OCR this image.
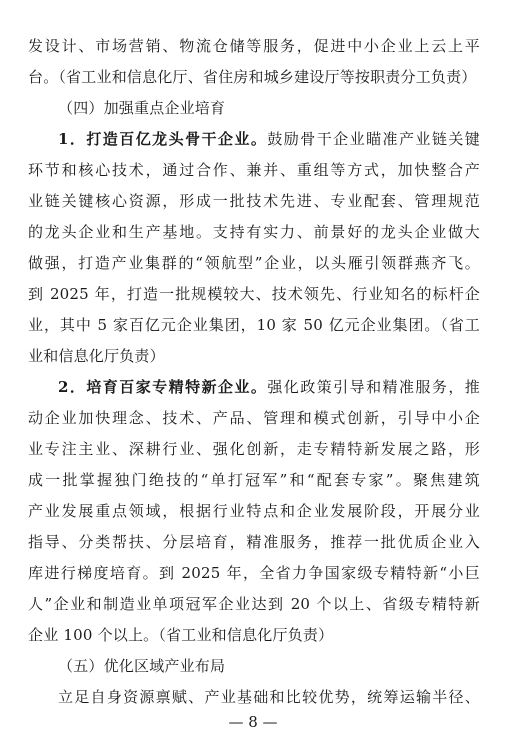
发设计、市场营销、物流仓储等服务，促进中小企业上云上平
台。（省工业和信息化厅、省住房和城乡建设厅等按职责分工负责）
（四）加强重点企业培育
1．打造百亿龙头骨干企业。鼓励骨干企业瞄准产业链关键
环节和核心技术，通过合作、兼并、重组等方式，加快整合产
业链关键核心资源，形成一批技术先进、专业配套、管理规范
的龙头企业和生产基地。支持有实力、前景好的龙头企业做大
做强，打造产业集群的“领航型”企业，以头雁引领群燕齐飞。
到 2025 年，打造一批规模较大、技术领先、行业知名的标杆企
业，其中 5 家百亿元企业集团，10 家 50 亿元企业集团。（省工
业和信息化厅负责）
2．培育百家专精特新企业。强化政策引导和精准服务，推
动企业加快理念、技术、产品、管理和模式创新，引导中小企
业专注主业、深耕行业、强化创新，走专精特新发展之路，形
成一批掌握独门绝技的“单打冠军”和“配套专家”。聚焦建筑
产业发展重点领域，根据行业特点和企业发展阶段，开展分业
指导、分类帮扶、分层培育，精准服务，推荐一批优质企业入
库进行梯度培育。到 2025 年，全省力争国家级专精特新“小巨
人”企业和制造业单项冠军企业达到 20 个以上、省级专精特新
企业 100 个以上。（省工业和信息化厅负责）
（五）优化区域产业布局
立足自身资源禀赋、产业基础和比较优势，统筹运输半径、
— 8 —
